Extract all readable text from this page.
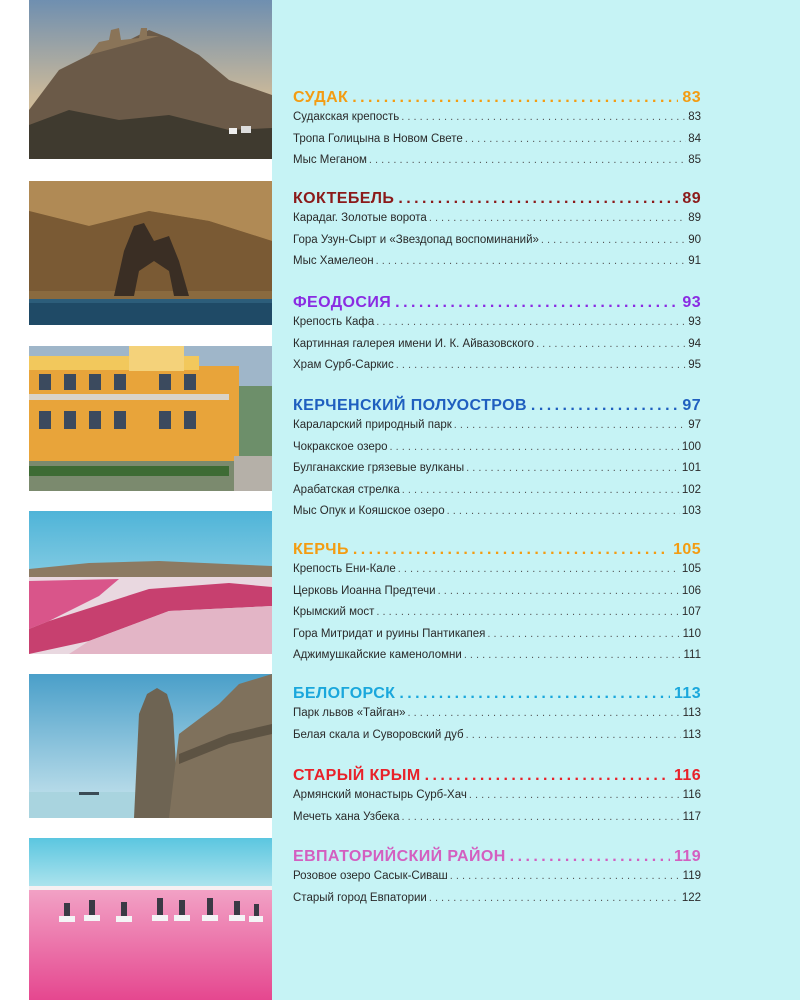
СУДАК . . .	83
Судакская крепость . . .	83
Тропа Голицына в Новом Свете . . .	84
Мыс Меганом . . .	85
КОКТЕБЕЛЬ . . .	89
Карадаг. Золотые ворота . . .	89
Гора Узун-Сырт и «Звездопад воспоминаний» . . .	90
Мыс Хамелеон . . .	91
ФЕОДОСИЯ . . .	93
Крепость Кафа . . .	93
Картинная галерея имени И. К. Айвазовского . . .	94
Храм Сурб-Саркис . . .	95
КЕРЧЕНСКИЙ ПОЛУОСТРОВ . . .	97
Караларский природный парк . . .	97
Чокракское озеро . . .	100
Булганакские грязевые вулканы . . .	101
Арабатская стрелка . . .	102
Мыс Опук и Кояшское озеро . . .	103
КЕРЧЬ . . .	105
Крепость Ени-Кале . . .	105
Церковь Иоанна Предтечи . . .	106
Крымский мост . . .	107
Гора Митридат и руины Пантикапея . . .	110
Аджимушкайские каменоломни . . .	111
БЕЛОГОРСК . . .	113
Парк львов «Тайган» . . .	113
Белая скала и Суворовский дуб . . .	113
СТАРЫЙ КРЫМ . . .	116
Армянский монастырь Сурб-Хач . . .	116
Мечеть хана Узбека . . .	117
ЕВПАТОРИЙСКИЙ РАЙОН . . .	119
Розовое озеро Сасык-Сиваш . . .	119
Старый город Евпатории . . .	122
